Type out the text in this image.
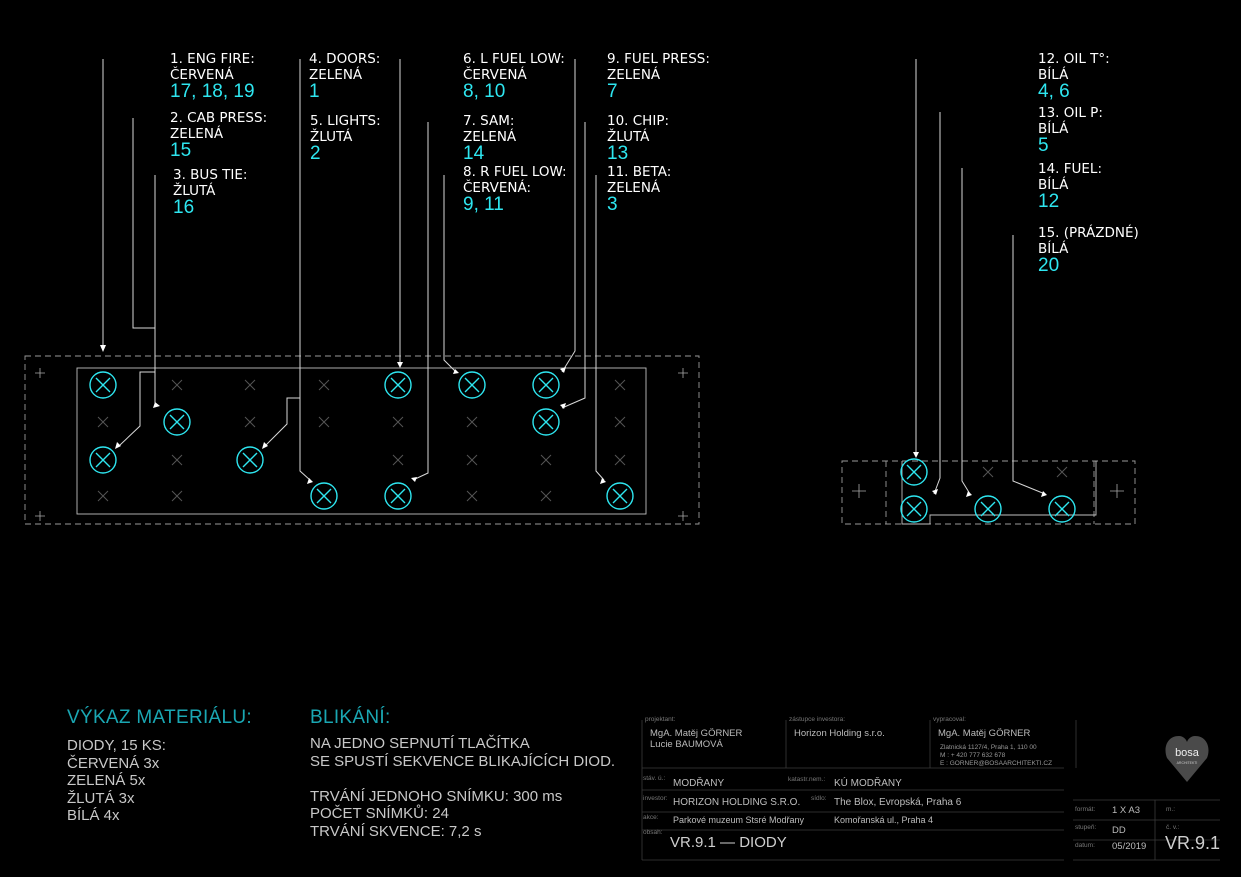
bosa
ARCHITEKTI
1. ENG FIRE:
ČERVENÁ
17, 18, 19
2. CAB PRESS:
ZELENÁ
15
3. BUS TIE:
ŽLUTÁ
16
4. DOORS:
ZELENÁ
1
5. LIGHTS:
ŽLUTÁ
2
6. L FUEL LOW:
ČERVENÁ
8, 10
7. SAM:
ZELENÁ
14
8. R FUEL LOW:
ČERVENÁ:
9, 11
9. FUEL PRESS:
ZELENÁ
7
10. CHIP:
ŽLUTÁ
13
11. BETA:
ZELENÁ
3
12. OIL T°:
BÍLÁ
4, 6
13. OIL P:
BÍLÁ
5
14. FUEL:
BÍLÁ
12
15. (PRÁZDNÉ)
BÍLÁ
20
VÝKAZ MATERIÁLU:
DIODY, 15 KS:
ČERVENÁ 3x
ZELENÁ 5x
ŽLUTÁ 3x
BÍLÁ 4x
BLIKÁNÍ:
NA JEDNO SEPNUTÍ TLAČÍTKA
SE SPUSTÍ SEKVENCE BLIKAJÍCÍCH DIOD.
TRVÁNÍ JEDNOHO SNÍMKU: 300 ms
POČET SNÍMKŮ: 24
TRVÁNÍ SKVENCE: 7,2 s
projektant:
MgA. Matěj GÖRNER
Lucie BAUMOVÁ
zástupce investora:
Horizon Holding s.r.o.
vypracoval:
MgA. Matěj GÖRNER
Zlatnická 1127/4, Praha 1, 110 00
M : + 420 777 632 678
E : GORNER@BOSAARCHITEKTI.CZ
stáv. ú.: MODŘANY	katastr.nem.: KÚ MODŘANY
investor: HORIZON HOLDING S.R.O. sídlo: The Blox, Evropská, Praha 6
akce: Parkové muzeum Stsré Modřany	Komořanská ul., Praha 4
obsah:
VR.9.1 — DIODY
formát: 1 X A3
stupeň: DD
datum: 05/2019
m.:
č. v.:
VR.9.1
